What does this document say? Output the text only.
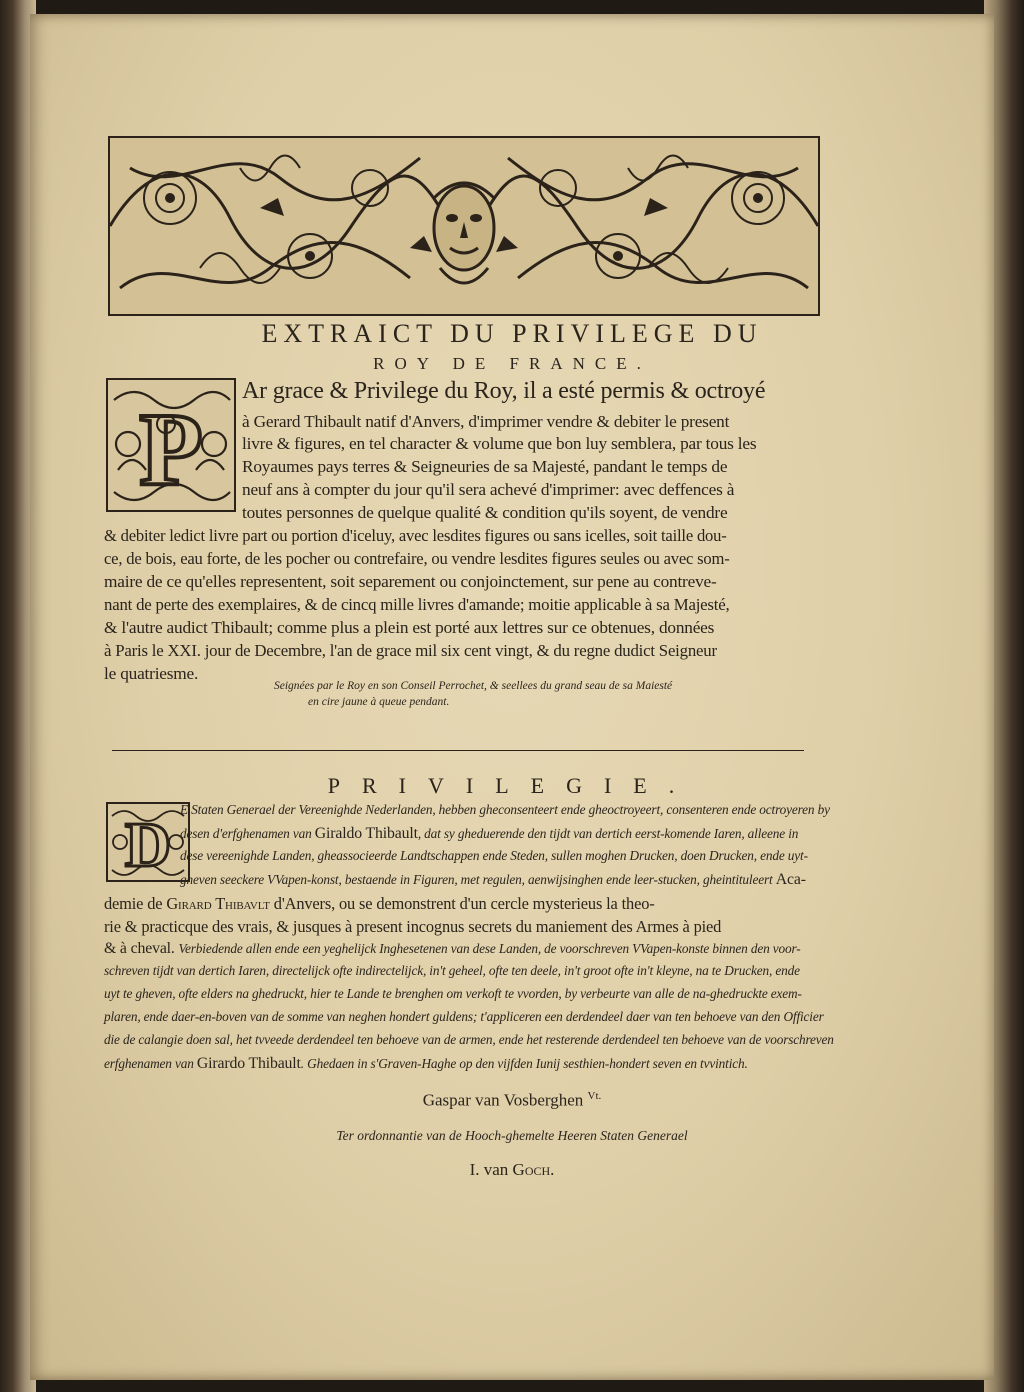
EXTRAICT DU PRIVILEGE DU
ROY DE FRANCE.
P
Ar grace & Privilege du Roy, il a esté permis & octroyé
à Gerard Thibault natif d'Anvers, d'imprimer vendre & debiter le present
livre & figures, en tel character & volume que bon luy semblera, par tous les
Royaumes pays terres & Seigneuries de sa Majesté, pandant le temps de
neuf ans à compter du jour qu'il sera achevé d'imprimer: avec deffences à
toutes personnes de quelque qualité & condition qu'ils soyent, de vendre
& debiter ledict livre part ou portion d'iceluy, avec lesdites figures ou sans icelles, soit taille dou-
ce, de bois, eau forte, de les pocher ou contrefaire, ou vendre lesdites figures seules ou avec som-
maire de ce qu'elles representent, soit separement ou conjoinctement, sur pene au contreve-
nant de perte des exemplaires, & de cincq mille livres d'amande; moitie applicable à sa Majesté,
& l'autre audict Thibault; comme plus a plein est porté aux lettres sur ce obtenues, données
à Paris le XXI. jour de Decembre, l'an de grace mil six cent vingt, & du regne dudict Seigneur
le quatriesme.
Seignées par le Roy en son Conseil Perrochet, & seellees du grand seau de sa Maiesté
en cire jaune à queue pendant.
PRIVILEGIE.
D E Staten Generael der Vereenighde Nederlanden, hebben gheconsenteert ende gheoctroyeert, consenteren ende octroyeren by
desen d'erfghenamen van Giraldo Thibault, dat sy gheduerende den tijdt van dertich eerst-komende Iaren, alleene in
dese vereenighde Landen, gheassocieerde Landtschappen ende Steden, sullen moghen Drucken, doen Drucken, ende uyt-
gheven seeckere VVapen-konst, bestaende in Figuren, met regulen, aenwijsinghen ende leer-stucken, gheintituleert Aca-
demie de Girard Thibavlt d'Anvers, ou se demonstrent d'un cercle mysterieus la theo-
rie & practicque des vrais, & jusques à present incognus secrets du maniement des Armes à pied
& à cheval. Verbiedende allen ende een yeghelijck Inghesetenen van dese Landen, de voorschreven VVapen-konste binnen den voor-
schreven tijdt van dertich Iaren, directelijck ofte indirectelijck, in't geheel, ofte ten deele, in't groot ofte in't kleyne, na te Drucken, ende
uyt te gheven, ofte elders na ghedruckt, hier te Lande te brenghen om verkoft te vvorden, by verbeurte van alle de na-ghedruckte exem-
plaren, ende daer-en-boven van de somme van neghen hondert guldens; t'appliceren een derdendeel daer van ten behoeve van den Officier
die de calangie doen sal, het tvveede derdendeel ten behoeve van de armen, ende het resterende derdendeel ten behoeve van de voorschreven
erfghenamen van Girardo Thibault. Ghedaen in s'Graven-Haghe op den vijfden Iunij sesthien-hondert seven en tvvintich.
Gaspar van Vosberghen $^{Vt.}$
Ter ordonnantie van de Hooch-ghemelte Heeren Staten Generael
I. van Goch.
